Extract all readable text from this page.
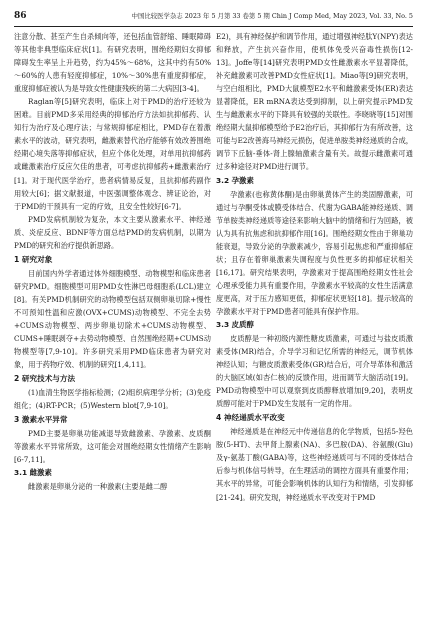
86	中国比较医学杂志 2023 年 5 月第 33 卷第 5 期 Chin J Comp Med, May 2023, Vol. 33, No. 5

注意分散、甚至产生自杀倾向等，还包括血管舒缩、睡眠障碍等其他非典型临床症状[1]。有研究表明，围绝经期妇女抑郁障碍发生率呈上升趋势，约为45%～68%，这其中约有50%～60%的人患有轻度抑郁症，10%～30%患有重度抑郁症，重度抑郁症被认为是导致女性健康残疾的第二大病因[3-4]。

Raglan等[5]研究表明，临床上对于PMD的治疗还较为困难。目前PMD多采用经典的抑郁治疗方法如抗抑郁药、认知行为治疗及心理疗法；与常规抑郁症相比，PMD存在着激素水平的波动，研究表明，雌激素替代治疗能够有效改善围绝经期心境失落等抑郁症状，但应个体化处理，对单用抗抑郁药或雌激素治疗反应欠佳的患者，可考虑抗抑郁药+雌激素治疗[1]。对于现代医学治疗，患者病情易反复，且抗抑郁药副作用较大[6]；据文献报道，中医强调整体观念、辨证论治，对于PMD的干预具有一定的疗效，且安全性较好[6-7]。

PMD发病机制较为复杂，本文主要从激素水平、神经递质、炎症反应、BDNF等方面总结PMD的发病机制，以期为PMD的研究和治疗提供新思路。

1 研究对象

目前国内外学者通过体外细胞模型、动物模型和临床患者研究PMD。细胞模型可用PMD女性淋巴母细胞系(LCL)建立[8]。有关PMD机制研究的动物模型包括双侧卵巢切除+慢性不可预知性温和应激(OVX+CUMS)动物模型、不完全去势+CUMS动物模型、两步卵巢切除术+CUMS动物模型、CUMS+睡眠剥夺+去势动物模型、自然围绝经期+CUMS动物模型等[7,9-10]。许多研究采用PMD临床患者为研究对象，用于药物疗效、机制的研究[1,4,11]。

2 研究技术与方法

(1)血清生物医学指标检测；(2)组织病理学分析；(3)免疫组化；(4)RT-PCR；(5)Western blot[7,9-10]。

3 激素水平异常

PMD主要是卵巢功能减退导致雌激素、孕激素、皮质酮等激素水平异常所致，这可能会对围绝经期女性情绪产生影响[6-7,11]。

3.1 雌激素

雌激素是卵巢分泌的一种激素(主要是雌二醇

E2)，具有神经保护和调节作用，通过增强神经肽Y(NPY)表达和释放，产生抗兴奋作用，使机体免受兴奋毒性损伤[12-13]。Joffe等[14]研究表明PMD女性雌激素水平显著降低，补充雌激素可改善PMD女性症状[1]。Miao等[9]研究表明，与空白组相比，PMD大鼠模型E2水平和雌激素受体(ER)表达显著降低，ER mRNA表达受到抑制，以上研究提示PMD发生与雌激素水平的下降具有较强的关联性。李晓晓等[15]对围绝经期大鼠抑郁模型给予E2治疗后，其抑郁行为有所改善，这可能与E2改善海马神经元损伤，促进单胺类神经递质的合成，调节下丘脑-垂体-肾上腺轴激素含量有关。故提示雌激素可通过多种途径对PMD进行调节。

3.2 孕激素

孕激素(也称黄体酮)是由卵巢黄体产生的类固醇激素，可通过与孕酮受体或膜受体结合、代谢为GABA能神经递质、调节单胺类神经递质等途径来影响大脑中的情绪和行为回路，被认为具有抗焦虑和抗抑郁作用[16]。围绝经期女性由于卵巢功能衰退，导致分泌的孕激素减少，容易引起焦虑和严重抑郁症状；且存在着卵巢激素失调程度与负性更多的抑郁症状相关[16,17]。研究结果表明，孕激素对于提高围绝经期女性社会心理承受能力具有重要作用，孕激素水平较高的女性生活满意度更高，对于压力感知更低，抑郁症状更轻[18]。提示较高的孕激素水平对于PMD患者可能具有保护作用。

3.3 皮质醇

皮质醇是一种初级内源性糖皮质激素，可通过与盐皮质激素受体(MR)结合，介导学习和记忆所需的神经元，调节机体神经认知；与糖皮质激素受体(GR)结合后，可介导革体和激活的大脑区域(如杏仁核)的反馈作用，进而调节大脑活动[19]。PMD动物模型中可以观察到皮质醇释放增加[9,20]，表明皮质醇可能对于PMD发生发展有一定的作用。

4 神经递质水平改变

神经递质是在神经元中传递信息的化学物质，包括5-羟色胺(5-HT)、去甲肾上腺素(NA)、多巴胺(DA)、谷氨酸(Glu)及γ-氨基丁酸(GABA)等，这些神经递质可与不同的受体结合后参与机体信号转导，在生理活动的调控方面具有重要作用；其水平的异常，可能会影响机体的认知行为和情绪，引发抑郁[21-24]。研究发现，神经递质水平改变对于PMD
